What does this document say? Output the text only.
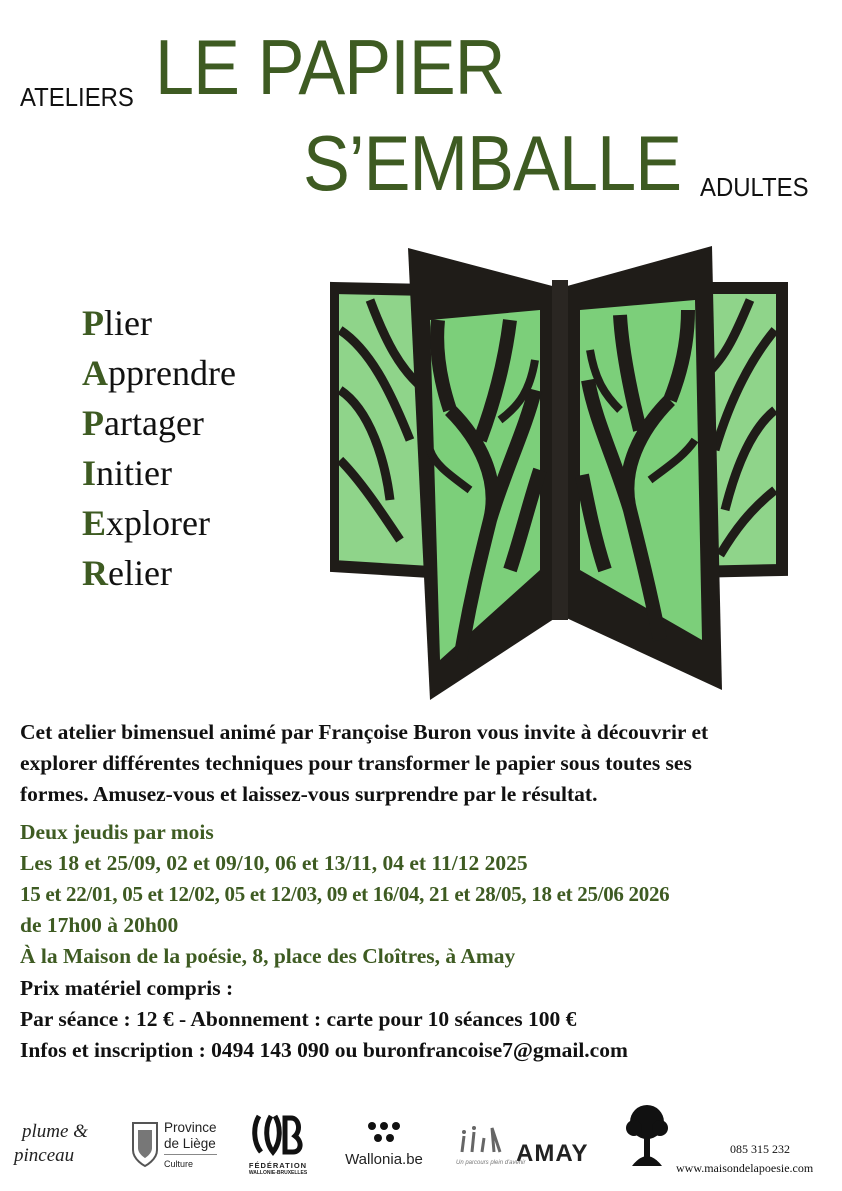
ATELIERS LE PAPIER
S’EMBALLE ADULTES
Plier
Apprendre
Partager
Initier
Explorer
Relier
Cet atelier bimensuel animé par Françoise Buron vous invite à découvrir et
explorer différentes techniques pour transformer le papier sous toutes ses
formes. Amusez-vous et laissez-vous surprendre par le résultat.
Deux jeudis par mois
Les 18 et 25/09, 02 et 09/10, 06 et 13/11, 04 et 11/12 2025
15 et 22/01, 05 et 12/02, 05 et 12/03, 09 et 16/04, 21 et 28/05, 18 et 25/06 2026
de 17h00 à 20h00
À la Maison de la poésie, 8, place des Cloîtres, à Amay
Prix matériel compris :
Par séance : 12 € - Abonnement : carte pour 10 séances 100 €
Infos et inscription : 0494 143 090 ou buronfrancoise7@gmail.com
plume &
pinceau
Province
de Liège
Culture	FÉDÉRATION
WALLONIE-BRUXELLES
Wallonia.be	AMAY
Un parcours plein d'avenir
085 315 232
www.maisondelapoesie.com
